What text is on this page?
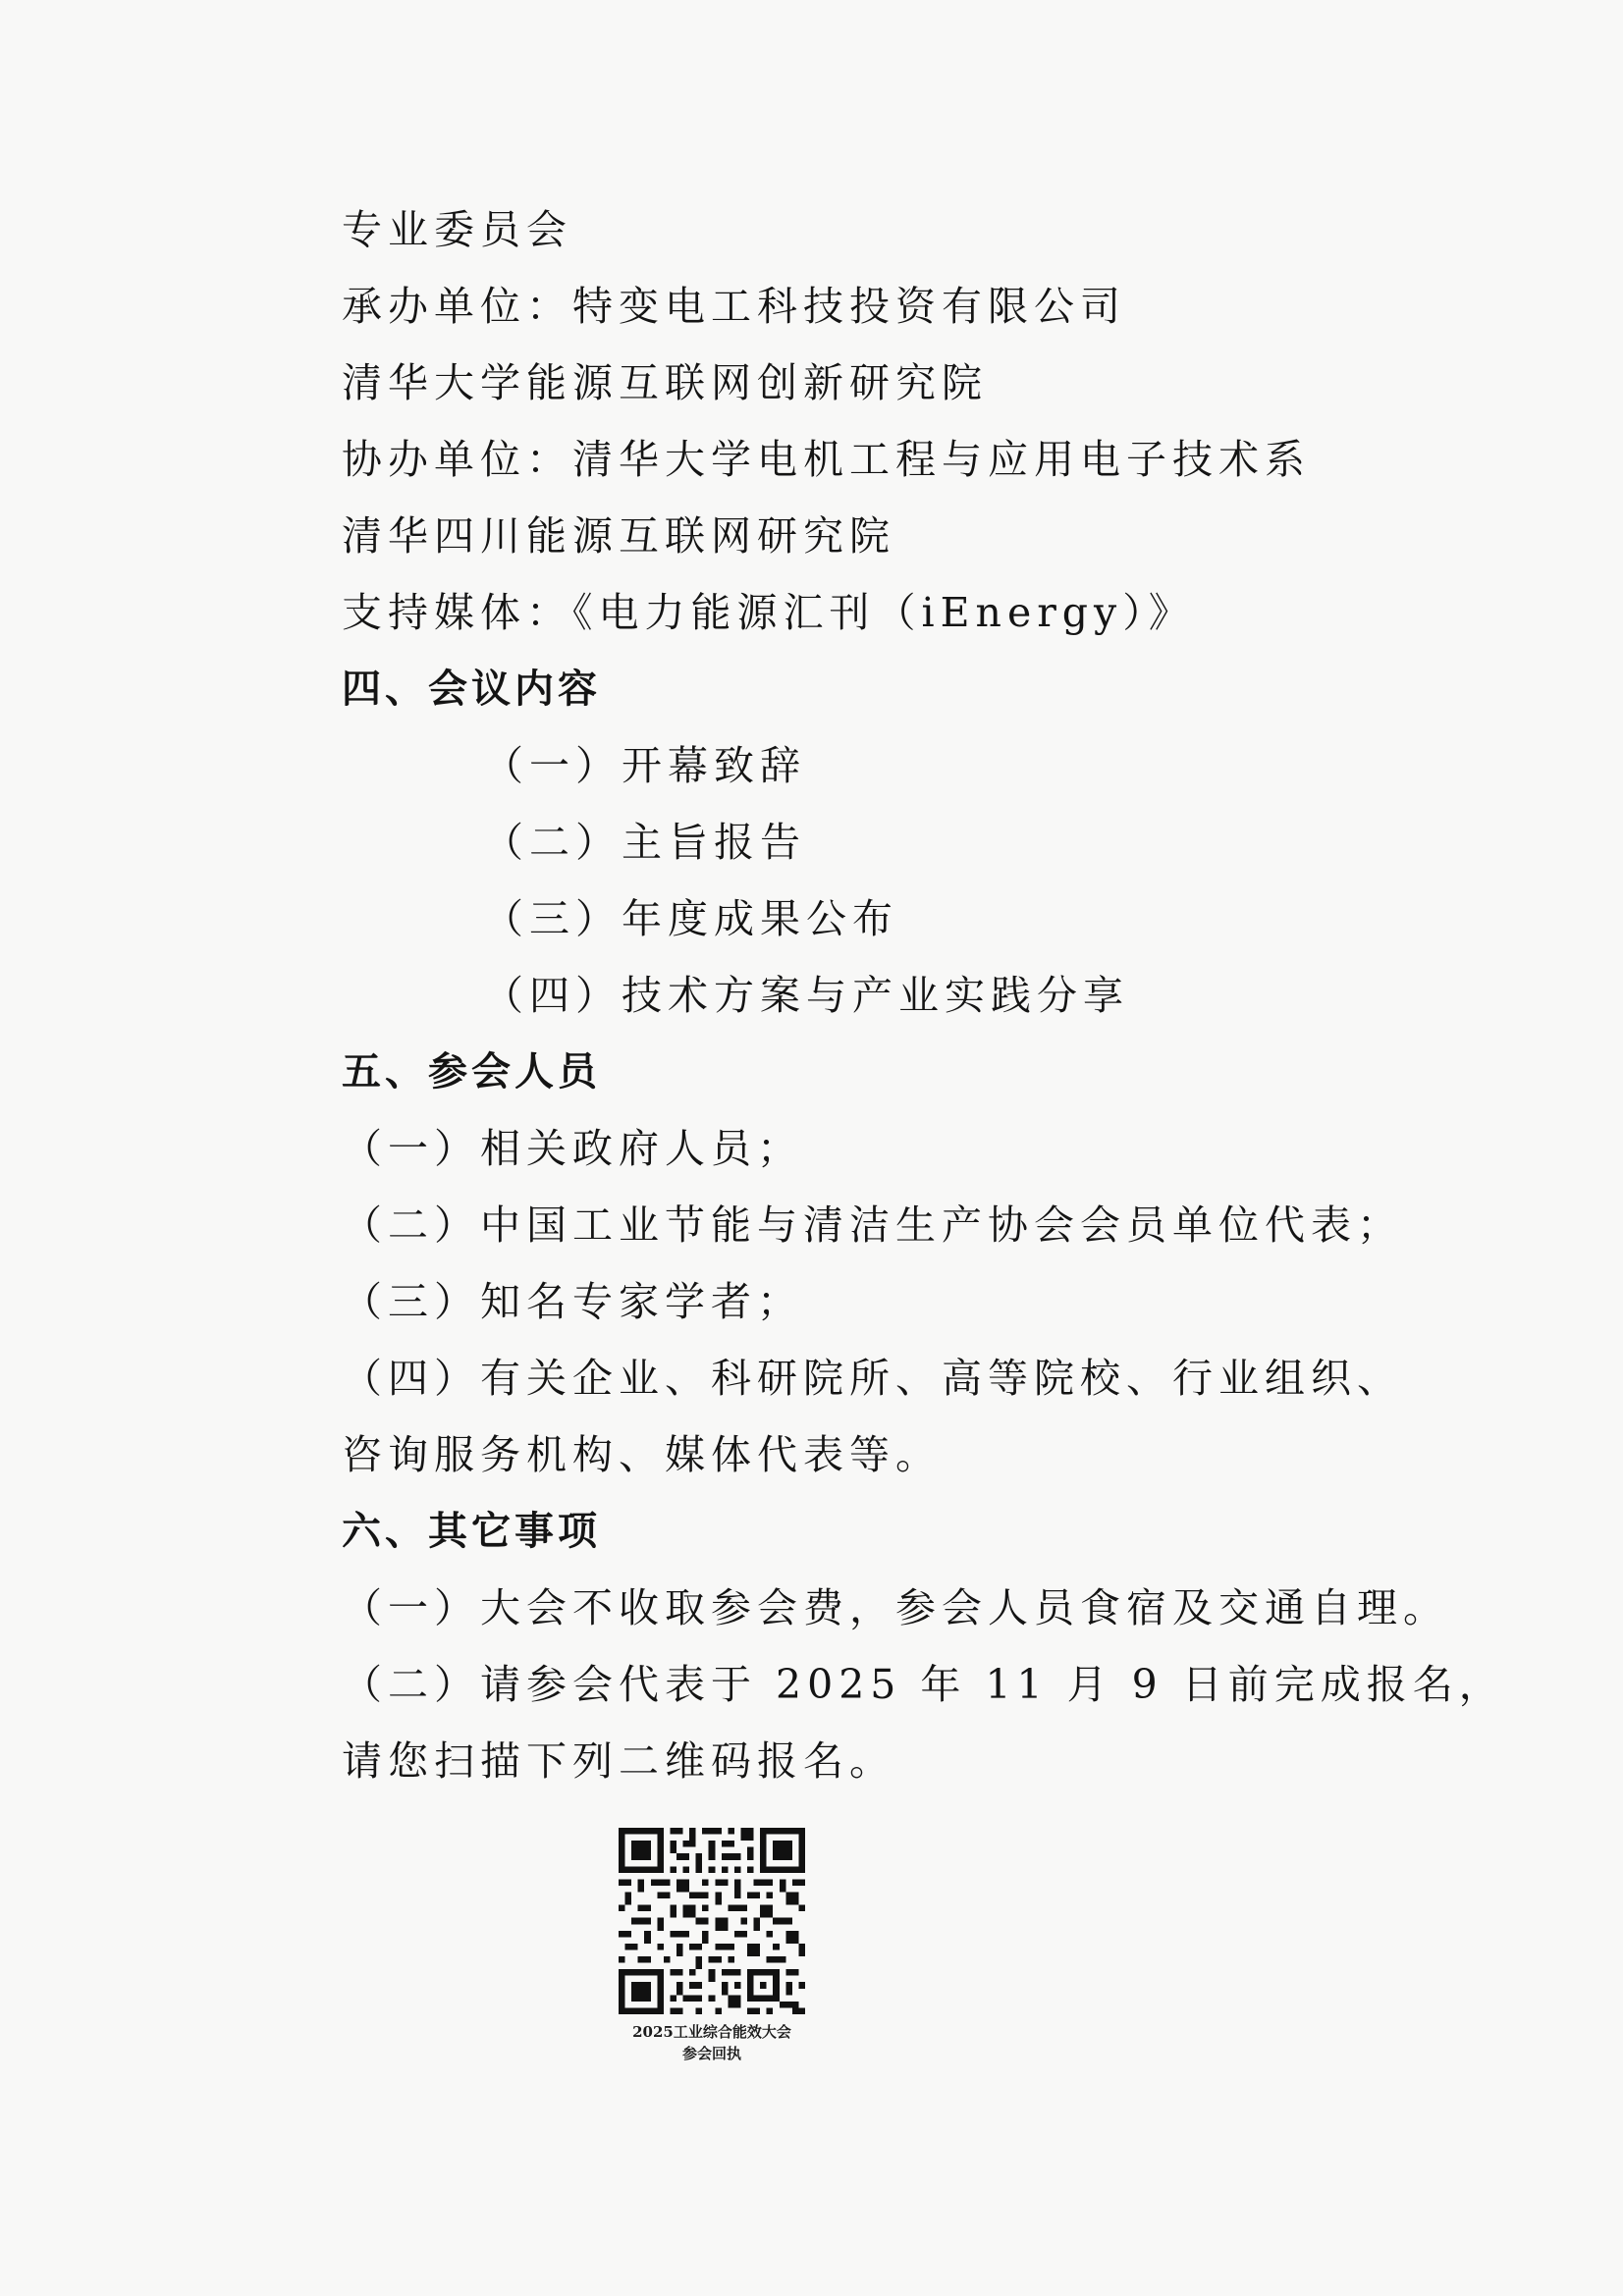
专业委员会
承办单位：特变电工科技投资有限公司
清华大学能源互联网创新研究院
协办单位：清华大学电机工程与应用电子技术系
清华四川能源互联网研究院
支持媒体：《电力能源汇刊（iEnergy）》
四、会议内容
（一）开幕致辞
（二）主旨报告
（三）年度成果公布
（四）技术方案与产业实践分享
五、参会人员
（一）相关政府人员；
（二）中国工业节能与清洁生产协会会员单位代表；
（三）知名专家学者；
（四）有关企业、科研院所、高等院校、行业组织、
咨询服务机构、媒体代表等。
六、其它事项
（一）大会不收取参会费，参会人员食宿及交通自理。
（二）请参会代表于 2025 年 11 月 9 日前完成报名，
请您扫描下列二维码报名。
2025工业综合能效大会
参会回执
